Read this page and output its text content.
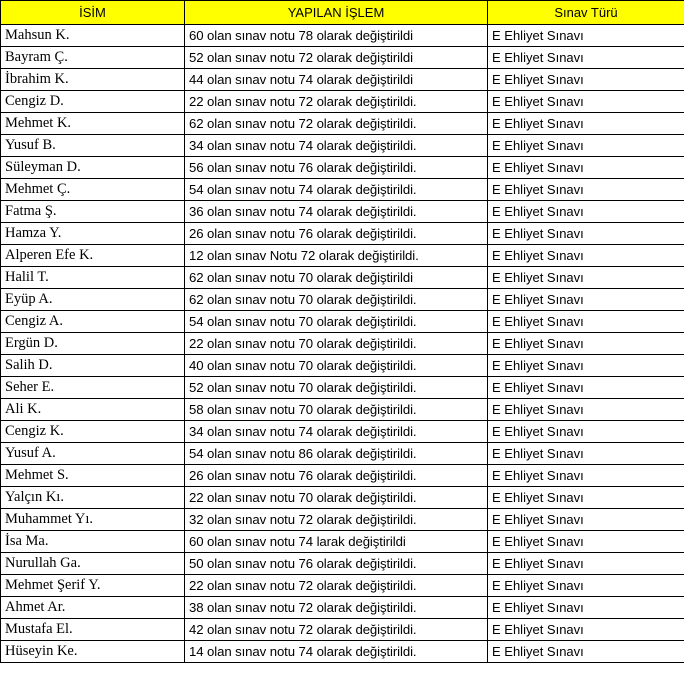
İSİM	YAPILAN İŞLEM	Sınav Türü
Mahsun K.	60 olan sınav notu 78 olarak değiştirildi	E Ehliyet Sınavı
Bayram Ç.	52 olan sınav notu 72 olarak değiştirildi	E Ehliyet Sınavı
İbrahim K.	44 olan sınav notu 74 olarak değiştirildi	E Ehliyet Sınavı
Cengiz D.	22 olan sınav notu 72 olarak değiştirildi.	E Ehliyet Sınavı
Mehmet K.	62 olan sınav notu 72 olarak değiştirildi.	E Ehliyet Sınavı
Yusuf B.	34 olan sınav notu 74 olarak değiştirildi.	E Ehliyet Sınavı
Süleyman D.	56 olan sınav notu 76 olarak değiştirildi.	E Ehliyet Sınavı
Mehmet Ç.	54 olan sınav notu 74 olarak değiştirildi.	E Ehliyet Sınavı
Fatma Ş.	36 olan sınav notu 74 olarak değiştirildi.	E Ehliyet Sınavı
Hamza Y.	26 olan sınav notu 76 olarak değiştirildi.	E Ehliyet Sınavı
Alperen Efe K.	12 olan sınav Notu 72 olarak değiştirildi.	E Ehliyet Sınavı
Halil T.	62 olan sınav notu 70 olarak değiştirildi	E Ehliyet Sınavı
Eyüp A.	62 olan sınav notu 70 olarak değiştirildi.	E Ehliyet Sınavı
Cengiz A.	54 olan sınav notu 70 olarak değiştirildi.	E Ehliyet Sınavı
Ergün D.	22 olan sınav notu 70 olarak değiştirildi.	E Ehliyet Sınavı
Salih D.	40 olan sınav notu 70 olarak değiştirildi.	E Ehliyet Sınavı
Seher E.	52 olan sınav notu 70 olarak değiştirildi.	E Ehliyet Sınavı
Ali K.	58 olan sınav notu 70 olarak değiştirildi.	E Ehliyet Sınavı
Cengiz K.	34 olan sınav notu 74 olarak değiştirildi.	E Ehliyet Sınavı
Yusuf A.	54 olan sınav notu 86 olarak değiştirildi.	E Ehliyet Sınavı
Mehmet S.	26 olan sınav notu 76 olarak değiştirildi.	E Ehliyet Sınavı
Yalçın Kı.	22 olan sınav notu 70 olarak değiştirildi.	E Ehliyet Sınavı
Muhammet Yı.	32 olan sınav notu 72 olarak değiştirildi.	E Ehliyet Sınavı
İsa Ma.	60 olan sınav notu 74 larak değiştirildi	E Ehliyet Sınavı
Nurullah Ga.	50 olan sınav notu 76 olarak değiştirildi.	E Ehliyet Sınavı
Mehmet Şerif Y.	22 olan sınav notu 72 olarak değiştirildi.	E Ehliyet Sınavı
Ahmet Ar.	38 olan sınav notu 72 olarak değiştirildi.	E Ehliyet Sınavı
Mustafa El.	42 olan sınav notu 72 olarak değiştirildi.	E Ehliyet Sınavı
Hüseyin Ke.	14 olan sınav notu 74 olarak değiştirildi.	E Ehliyet Sınavı
